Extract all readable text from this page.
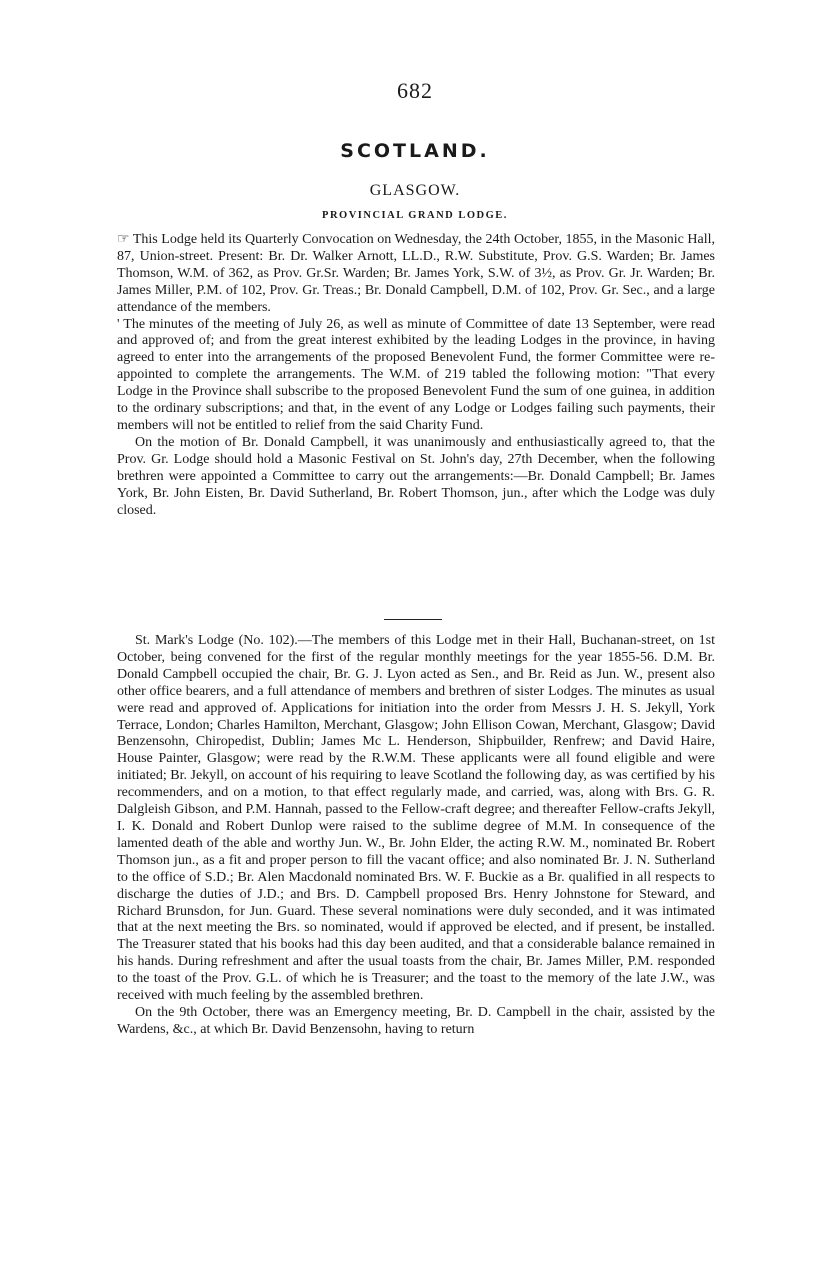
682
SCOTLAND.
GLASGOW.
PROVINCIAL GRAND LODGE.

☞ This Lodge held its Quarterly Convocation on Wednesday, the 24th October, 1855, in the Masonic Hall, 87, Union-street. Present: Br. Dr. Walker Arnott, LL.D., R.W. Substitute, Prov. G.S. Warden; Br. James Thomson, W.M. of 362, as Prov. Gr.Sr. Warden; Br. James York, S.W. of 3½, as Prov. Gr. Jr. Warden; Br. James Miller, P.M. of 102, Prov. Gr. Treas.; Br. Donald Campbell, D.M. of 102, Prov. Gr. Sec., and a large attendance of the members.

' The minutes of the meeting of July 26, as well as minute of Committee of date 13 September, were read and approved of; and from the great interest exhibited by the leading Lodges in the province, in having agreed to enter into the arrangements of the proposed Benevolent Fund, the former Committee were re-appointed to complete the arrangements. The W.M. of 219 tabled the following motion: "That every Lodge in the Province shall subscribe to the proposed Benevolent Fund the sum of one guinea, in addition to the ordinary subscriptions; and that, in the event of any Lodge or Lodges failing such payments, their members will not be entitled to relief from the said Charity Fund.

On the motion of Br. Donald Campbell, it was unanimously and enthusiastically agreed to, that the Prov. Gr. Lodge should hold a Masonic Festival on St. John's day, 27th December, when the following brethren were appointed a Committee to carry out the arrangements:—Br. Donald Campbell; Br. James York, Br. John Eisten, Br. David Sutherland, Br. Robert Thomson, jun., after which the Lodge was duly closed.

St. Mark's Lodge (No. 102).—The members of this Lodge met in their Hall, Buchanan-street, on 1st October, being convened for the first of the regular monthly meetings for the year 1855-56. D.M. Br. Donald Campbell occupied the chair, Br. G. J. Lyon acted as Sen., and Br. Reid as Jun. W., present also other office bearers, and a full attendance of members and brethren of sister Lodges. The minutes as usual were read and approved of. Applications for initiation into the order from Messrs J. H. S. Jekyll, York Terrace, London; Charles Hamilton, Merchant, Glasgow; John Ellison Cowan, Merchant, Glasgow; David Benzensohn, Chiropedist, Dublin; James Mc L. Henderson, Shipbuilder, Renfrew; and David Haire, House Painter, Glasgow; were read by the R.W.M. These applicants were all found eligible and were initiated; Br. Jekyll, on account of his requiring to leave Scotland the following day, as was certified by his recommenders, and on a motion, to that effect regularly made, and carried, was, along with Brs. G. R. Dalgleish Gibson, and P.M. Hannah, passed to the Fellow-craft degree; and thereafter Fellow-crafts Jekyll, I. K. Donald and Robert Dunlop were raised to the sublime degree of M.M. In consequence of the lamented death of the able and worthy Jun. W., Br. John Elder, the acting R.W. M., nominated Br. Robert Thomson jun., as a fit and proper person to fill the vacant office; and also nominated Br. J. N. Sutherland to the office of S.D.; Br. Alen Macdonald nominated Brs. W. F. Buckie as a Br. qualified in all respects to discharge the duties of J.D.; and Brs. D. Campbell proposed Brs. Henry Johnstone for Steward, and Richard Brunsdon, for Jun. Guard. These several nominations were duly seconded, and it was intimated that at the next meeting the Brs. so nominated, would if approved be elected, and if present, be installed. The Treasurer stated that his books had this day been audited, and that a considerable balance remained in his hands. During refreshment and after the usual toasts from the chair, Br. James Miller, P.M. responded to the toast of the Prov. G.L. of which he is Treasurer; and the toast to the memory of the late J.W., was received with much feeling by the assembled brethren.

On the 9th October, there was an Emergency meeting, Br. D. Campbell in the chair, assisted by the Wardens, &c., at which Br. David Benzensohn, having to return
